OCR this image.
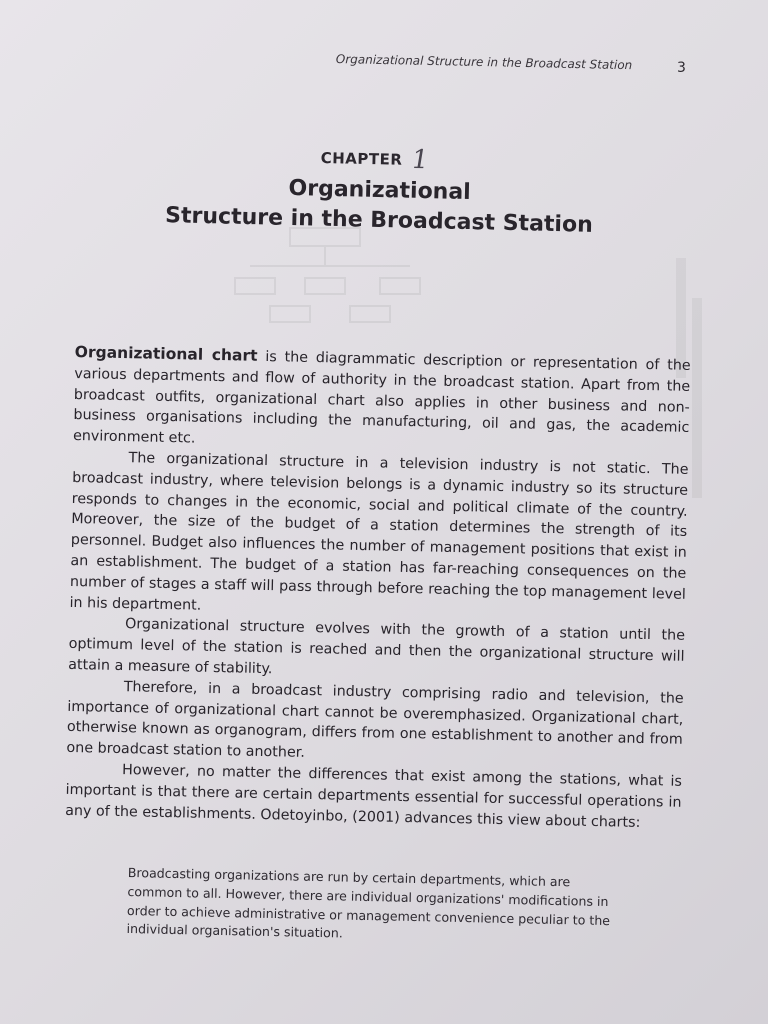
Organizational Structure in the Broadcast Station	3
CHAPTER 1
Organizational
Structure in the Broadcast Station

Organizational chart is the diagrammatic description or representation of the various departments and flow of authority in the broadcast station. Apart from the broadcast outfits, organizational chart also applies in other business and non-business organisations including the manufacturing, oil and gas, the academic environment etc.

The organizational structure in a television industry is not static. The broadcast industry, where television belongs is a dynamic industry so its structure responds to changes in the economic, social and political climate of the country. Moreover, the size of the budget of a station determines the strength of its personnel. Budget also influences the number of management positions that exist in an establishment. The budget of a station has far-reaching consequences on the number of stages a staff will pass through before reaching the top management level in his department.

Organizational structure evolves with the growth of a station until the optimum level of the station is reached and then the organizational structure will attain a measure of stability.

Therefore, in a broadcast industry comprising radio and television, the importance of organizational chart cannot be overemphasized. Organizational chart, otherwise known as organogram, differs from one establishment to another and from one broadcast station to another.

However, no matter the differences that exist among the stations, what is important is that there are certain departments essential for successful operations in any of the establishments. Odetoyinbo, (2001) advances this view about charts:

Broadcasting organizations are run by certain departments, which are common to all. However, there are individual organizations' modifications in order to achieve administrative or management convenience peculiar to the individual organisation's situation.
